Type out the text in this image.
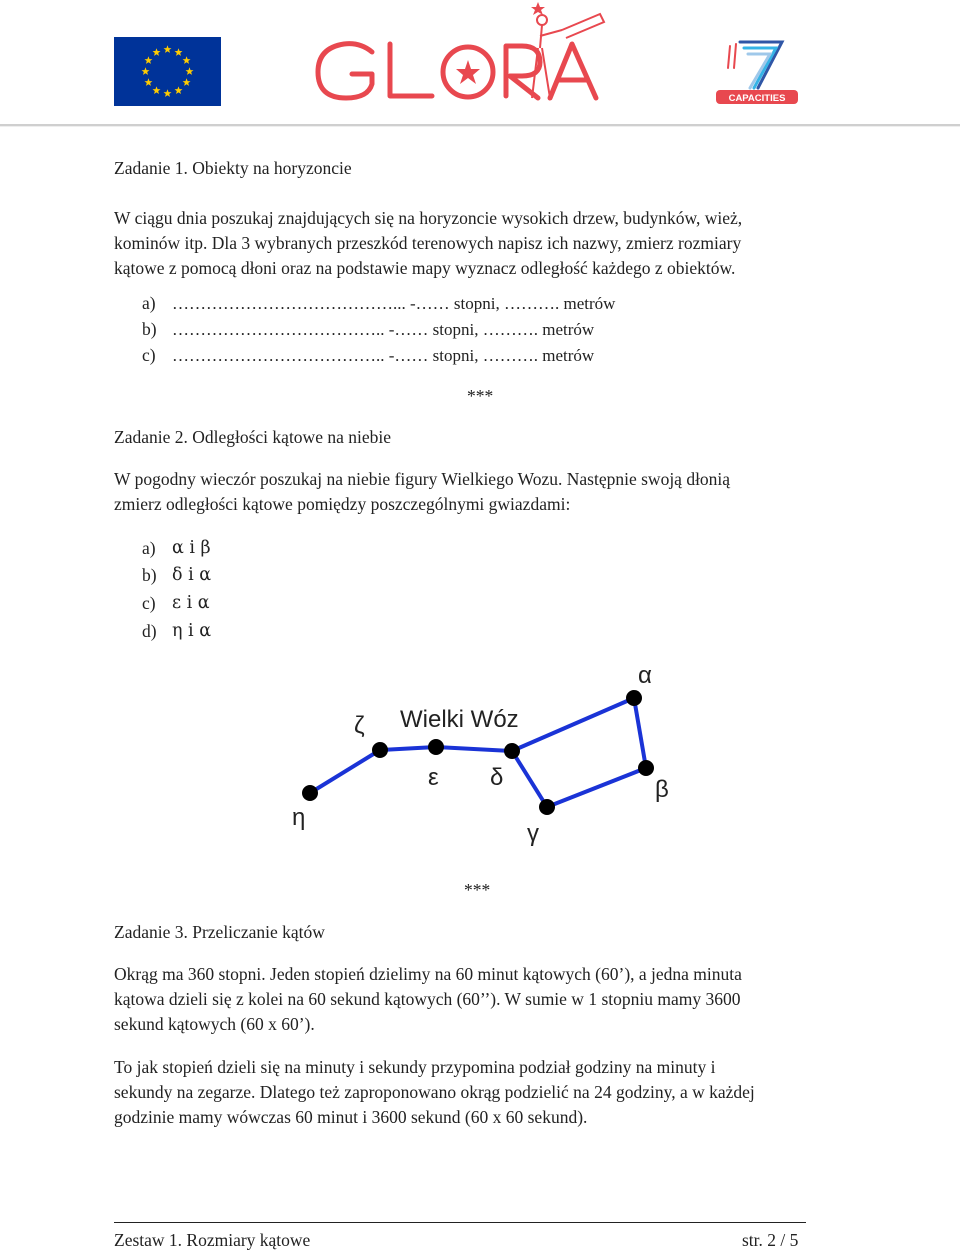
CAPACITIES
Zadanie 1. Obiekty na horyzoncie
W ciągu dnia poszukaj znajdujących się na horyzoncie wysokich drzew, budynków, wież,
kominów itp. Dla 3 wybranych przeszkód terenowych napisz ich nazwy, zmierz rozmiary
kątowe z pomocą dłoni oraz na podstawie mapy wyznacz odległość każdego z obiektów.
a) …………………………………... -…… stopni, ………. metrów
b) ……………………………….. -…… stopni, ………. metrów
c) ……………………………….. -…… stopni, ………. metrów
***
Zadanie 2. Odległości kątowe na niebie
W pogodny wieczór poszukaj na niebie figury Wielkiego Wozu. Następnie swoją dłonią
zmierz odległości kątowe pomiędzy poszczególnymi gwiazdami:
a) α i β
b) δ i α
c) ε i α
d) η i α
Wielki Wóz
η
ζ
ε δ
γ
β
α
***
Zadanie 3. Przeliczanie kątów
Okrąg ma 360 stopni. Jeden stopień dzielimy na 60 minut kątowych (60’), a jedna minuta
kątowa dzieli się z kolei na 60 sekund kątowych (60’’). W sumie w 1 stopniu mamy 3600
sekund kątowych (60 x 60’).
To jak stopień dzieli się na minuty i sekundy przypomina podział godziny na minuty i
sekundy na zegarze. Dlatego też zaproponowano okrąg podzielić na 24 godziny, a w każdej
godzinie mamy wówczas 60 minut i 3600 sekund (60 x 60 sekund).
Zestaw 1. Rozmiary kątowe	str. 2 / 5
